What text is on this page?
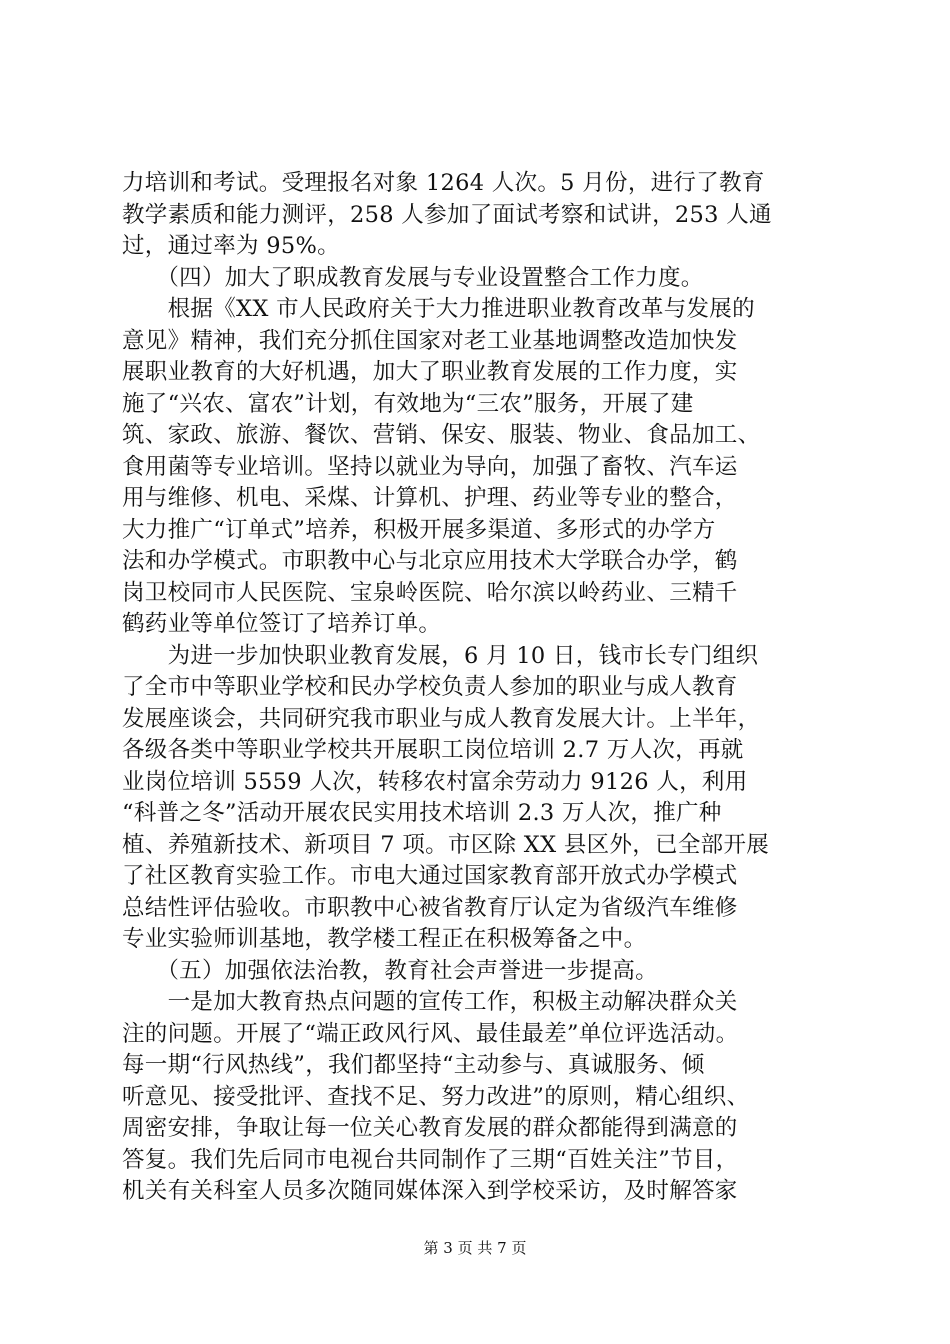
力培训和考试。受理报名对象 1264 人次。5 月份，进行了教育
教学素质和能力测评，258 人参加了面试考察和试讲，253 人通
过，通过率为 95%。
　　（四）加大了职成教育发展与专业设置整合工作力度。
　　根据《XX 市人民政府关于大力推进职业教育改革与发展的
意见》精神，我们充分抓住国家对老工业基地调整改造加快发
展职业教育的大好机遇，加大了职业教育发展的工作力度，实
施了“兴农、富农”计划，有效地为“三农”服务，开展了建
筑、家政、旅游、餐饮、营销、保安、服装、物业、食品加工、
食用菌等专业培训。坚持以就业为导向，加强了畜牧、汽车运
用与维修、机电、采煤、计算机、护理、药业等专业的整合，
大力推广“订单式”培养，积极开展多渠道、多形式的办学方
法和办学模式。市职教中心与北京应用技术大学联合办学，鹤
岗卫校同市人民医院、宝泉岭医院、哈尔滨以岭药业、三精千
鹤药业等单位签订了培养订单。
　　为进一步加快职业教育发展，6 月 10 日，钱市长专门组织
了全市中等职业学校和民办学校负责人参加的职业与成人教育
发展座谈会，共同研究我市职业与成人教育发展大计。上半年，
各级各类中等职业学校共开展职工岗位培训 2.7 万人次，再就
业岗位培训 5559 人次，转移农村富余劳动力 9126 人，利用
“科普之冬”活动开展农民实用技术培训 2.3 万人次，推广种
植、养殖新技术、新项目 7 项。市区除 XX 县区外，已全部开展
了社区教育实验工作。市电大通过国家教育部开放式办学模式
总结性评估验收。市职教中心被省教育厅认定为省级汽车维修
专业实验师训基地，教学楼工程正在积极筹备之中。
　　（五）加强依法治教，教育社会声誉进一步提高。
　　一是加大教育热点问题的宣传工作，积极主动解决群众关
注的问题。开展了“端正政风行风、最佳最差”单位评选活动。
每一期“行风热线”，我们都坚持“主动参与、真诚服务、倾
听意见、接受批评、查找不足、努力改进”的原则，精心组织、
周密安排，争取让每一位关心教育发展的群众都能得到满意的
答复。我们先后同市电视台共同制作了三期“百姓关注”节目，
机关有关科室人员多次随同媒体深入到学校采访，及时解答家
第 3 页 共 7 页
